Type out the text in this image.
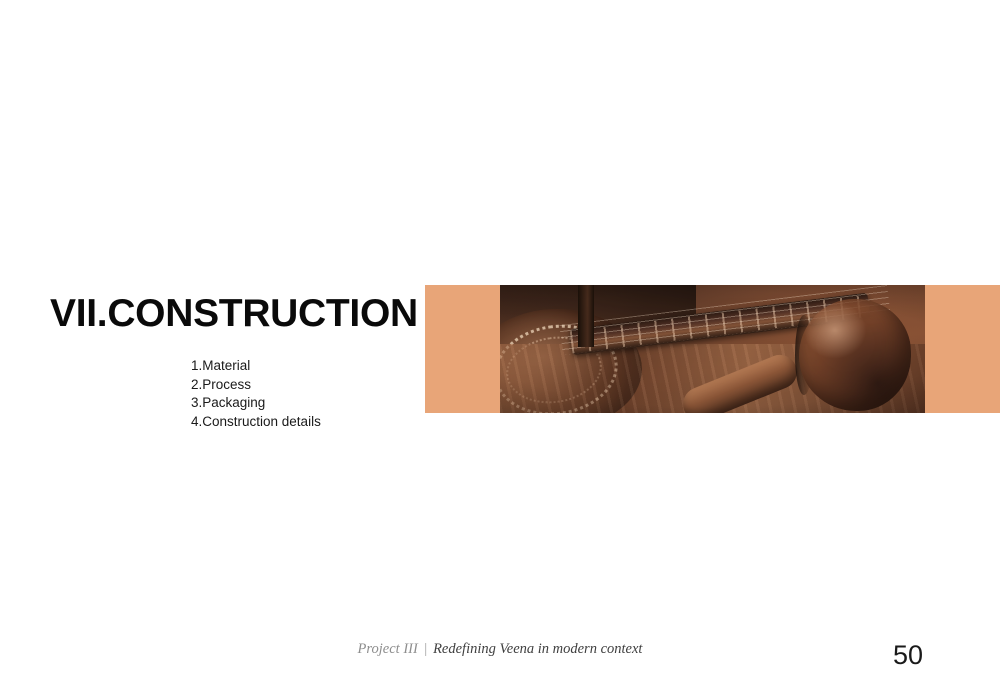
VII.CONSTRUCTION
1.Material
2.Process
3.Packaging
4.Construction details
Project III | Redefining Veena in modern context	50
